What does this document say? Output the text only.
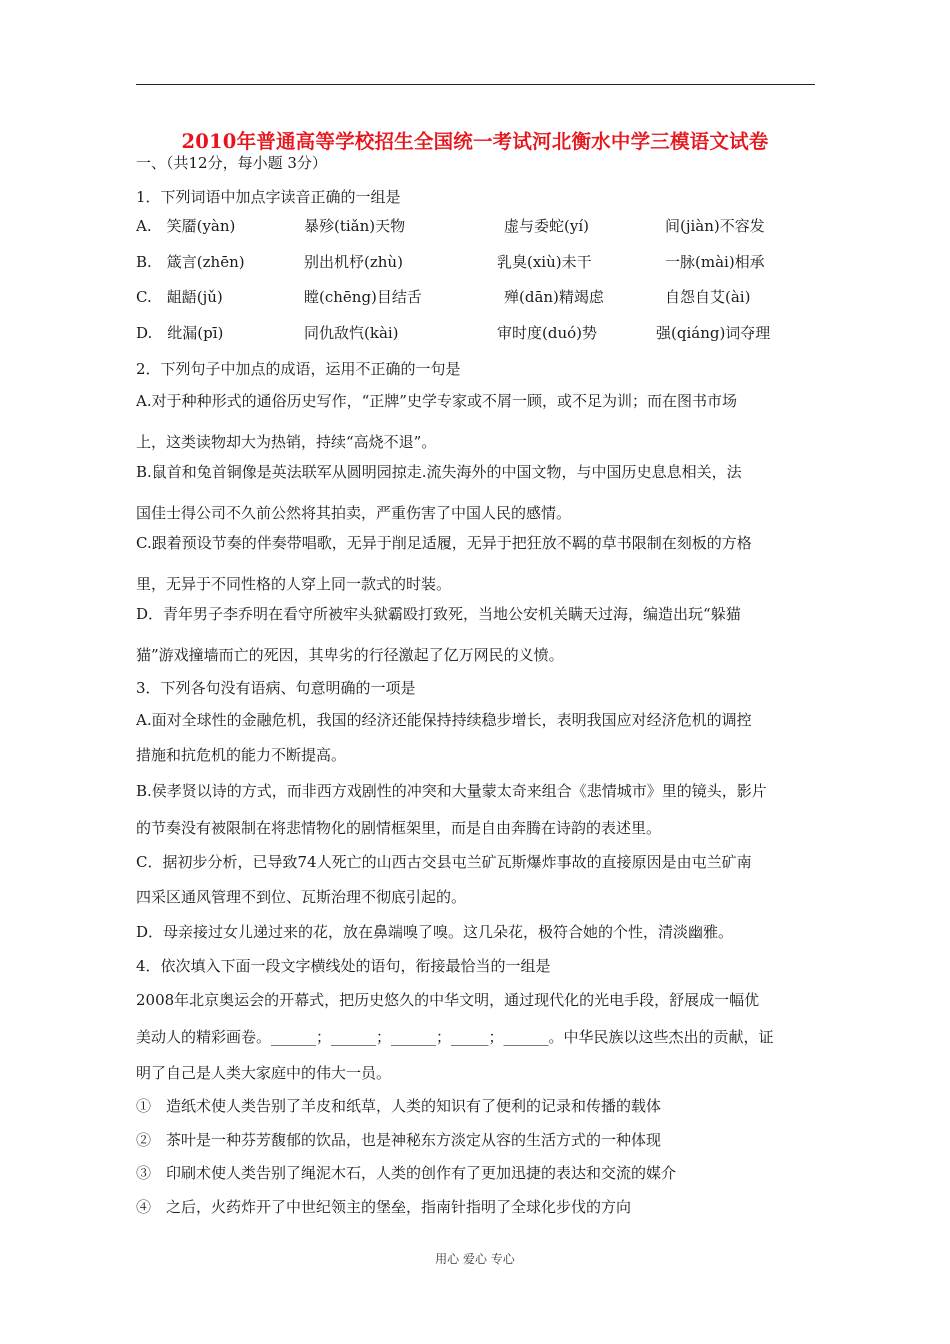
2010年普通高等学校招生全国统一考试河北衡水中学三模语文试卷
一、（共12分，每小题 3分）
1．下列词语中加点字读音正确的一组是
A.　笑靥(yàn)	暴殄(tiǎn)天物	虚与委蛇(yí)	间(jiàn)不容发
B.　箴言(zhēn)	别出机杼(zhù)	乳臭(xiù)未干	一脉(mài)相承
C.　龃龉(jǔ)	瞠(chēng)目结舌	殚(dān)精竭虑	自怨自艾(ài)
D.　纰漏(pī)	同仇敌忾(kài)	审时度(duó)势	强(qiáng)词夺理
2．下列句子中加点的成语，运用不正确的一句是
A.对于种种形式的通俗历史写作，“正牌”史学专家或不屑一顾，或不足为训；而在图书市场
上，这类读物却大为热销，持续“高烧不退”。
B.鼠首和兔首铜像是英法联军从圆明园掠走.流失海外的中国文物，与中国历史息息相关，法
国佳士得公司不久前公然将其拍卖，严重伤害了中国人民的感情。
C.跟着预设节奏的伴奏带唱歌，无异于削足适履，无异于把狂放不羁的草书限制在刻板的方格
里，无异于不同性格的人穿上同一款式的时装。
D．青年男子李乔明在看守所被牢头狱霸殴打致死，当地公安机关瞒天过海，编造出玩“躲猫
猫”游戏撞墙而亡的死因，其卑劣的行径激起了亿万网民的义愤。
3．下列各句没有语病、句意明确的一项是
A.面对全球性的金融危机，我国的经济还能保持持续稳步增长，表明我国应对经济危机的调控
措施和抗危机的能力不断提高。
B.侯孝贤以诗的方式，而非西方戏剧性的冲突和大量蒙太奇来组合《悲情城市》里的镜头，影片
的节奏没有被限制在将悲情物化的剧情框架里，而是自由奔腾在诗韵的表述里。
C．据初步分析，已导致74人死亡的山西古交县屯兰矿瓦斯爆炸事故的直接原因是由屯兰矿南
四采区通风管理不到位、瓦斯治理不彻底引起的。
D．母亲接过女儿递过来的花，放在鼻端嗅了嗅。这几朵花，极符合她的个性，清淡幽雅。
4．依次填入下面一段文字横线处的语句，衔接最恰当的一组是
2008年北京奥运会的开幕式，把历史悠久的中华文明，通过现代化的光电手段，舒展成一幅优
美动人的精彩画卷。______；______；______；_____；______。中华民族以这些杰出的贡献，证
明了自己是人类大家庭中的伟大一员。
①　造纸术使人类告别了羊皮和纸草，人类的知识有了便利的记录和传播的载体
②　茶叶是一种芬芳馥郁的饮品，也是神秘东方淡定从容的生活方式的一种体现
③　印刷术使人类告别了绳泥木石，人类的创作有了更加迅捷的表达和交流的媒介
④　之后，火药炸开了中世纪领主的堡垒，指南针指明了全球化步伐的方向
用心 爱心 专心
